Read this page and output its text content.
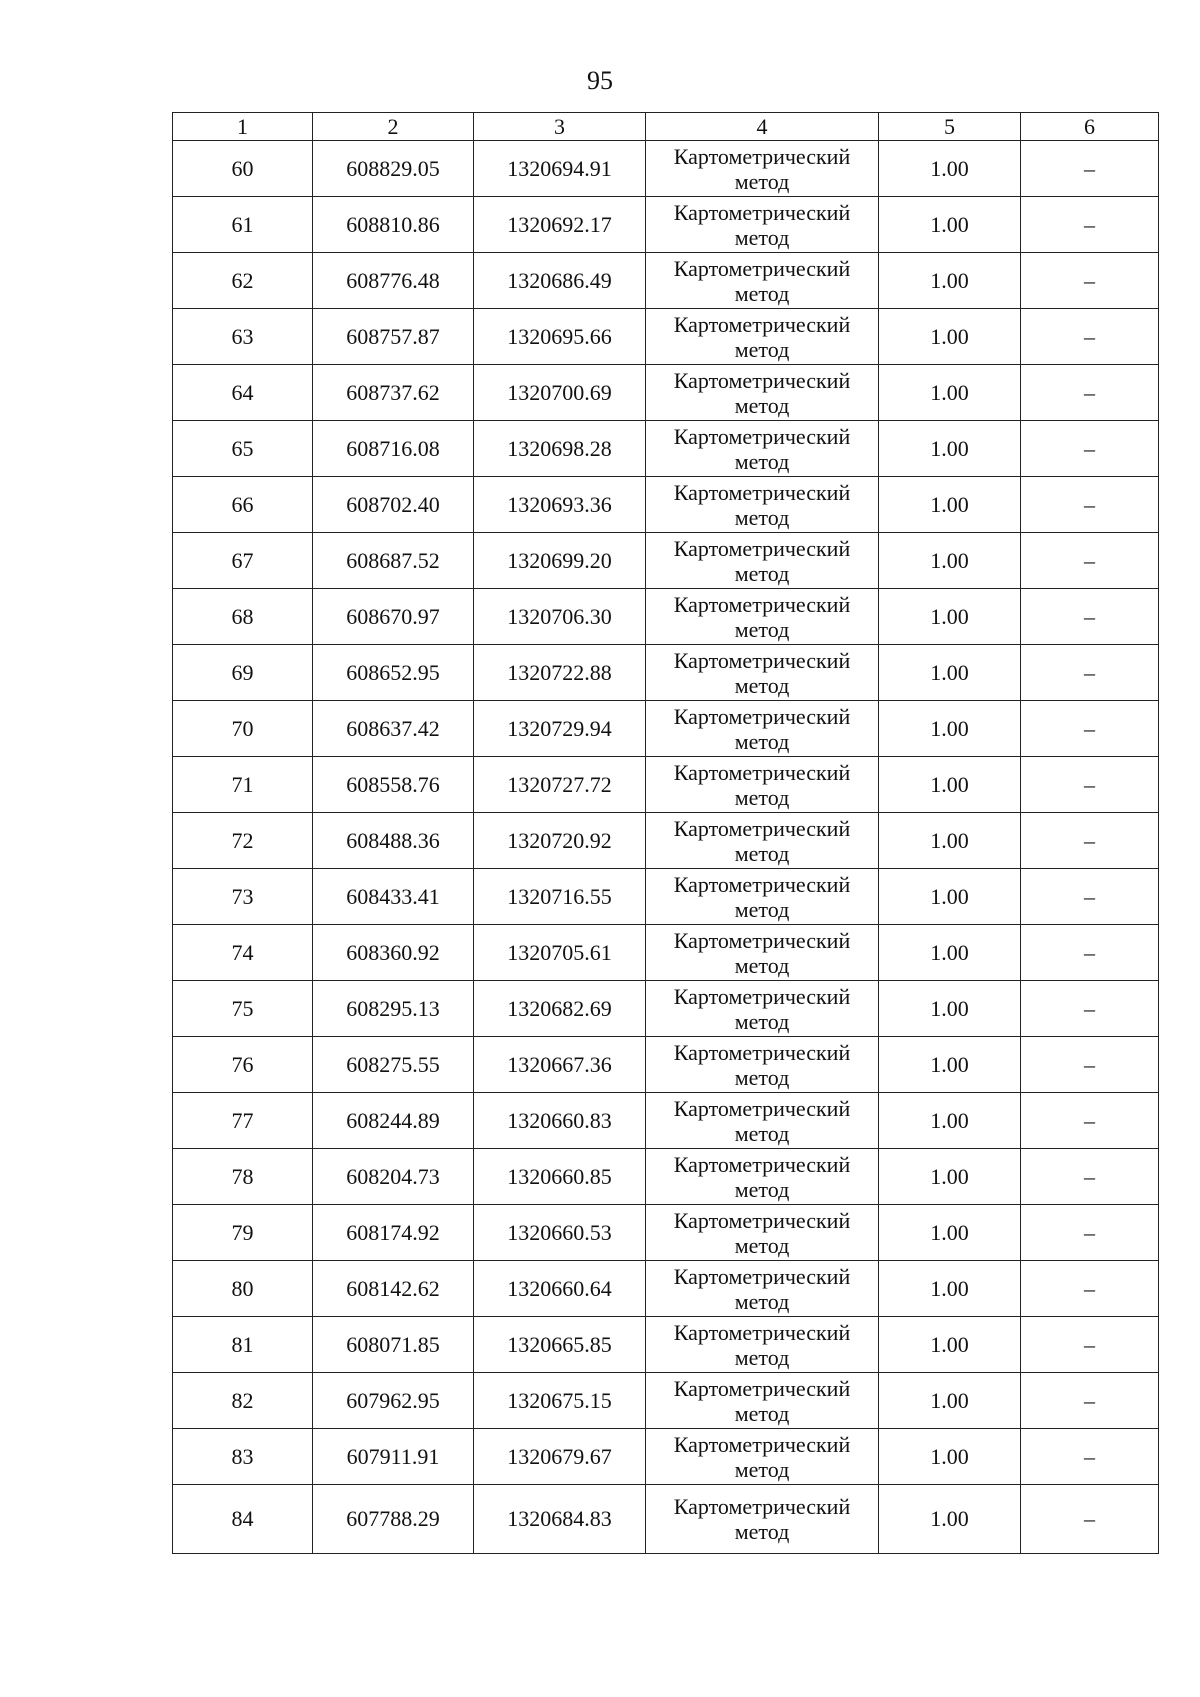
95
1	2	3	4	5	6
60	608829.05	1320694.91	Картометрический метод	1.00	–
61	608810.86	1320692.17	Картометрический метод	1.00	–
62	608776.48	1320686.49	Картометрический метод	1.00	–
63	608757.87	1320695.66	Картометрический метод	1.00	–
64	608737.62	1320700.69	Картометрический метод	1.00	–
65	608716.08	1320698.28	Картометрический метод	1.00	–
66	608702.40	1320693.36	Картометрический метод	1.00	–
67	608687.52	1320699.20	Картометрический метод	1.00	–
68	608670.97	1320706.30	Картометрический метод	1.00	–
69	608652.95	1320722.88	Картометрический метод	1.00	–
70	608637.42	1320729.94	Картометрический метод	1.00	–
71	608558.76	1320727.72	Картометрический метод	1.00	–
72	608488.36	1320720.92	Картометрический метод	1.00	–
73	608433.41	1320716.55	Картометрический метод	1.00	–
74	608360.92	1320705.61	Картометрический метод	1.00	–
75	608295.13	1320682.69	Картометрический метод	1.00	–
76	608275.55	1320667.36	Картометрический метод	1.00	–
77	608244.89	1320660.83	Картометрический метод	1.00	–
78	608204.73	1320660.85	Картометрический метод	1.00	–
79	608174.92	1320660.53	Картометрический метод	1.00	–
80	608142.62	1320660.64	Картометрический метод	1.00	–
81	608071.85	1320665.85	Картометрический метод	1.00	–
82	607962.95	1320675.15	Картометрический метод	1.00	–
83	607911.91	1320679.67	Картометрический метод	1.00	–
84	607788.29	1320684.83	Картометрический метод	1.00	–
